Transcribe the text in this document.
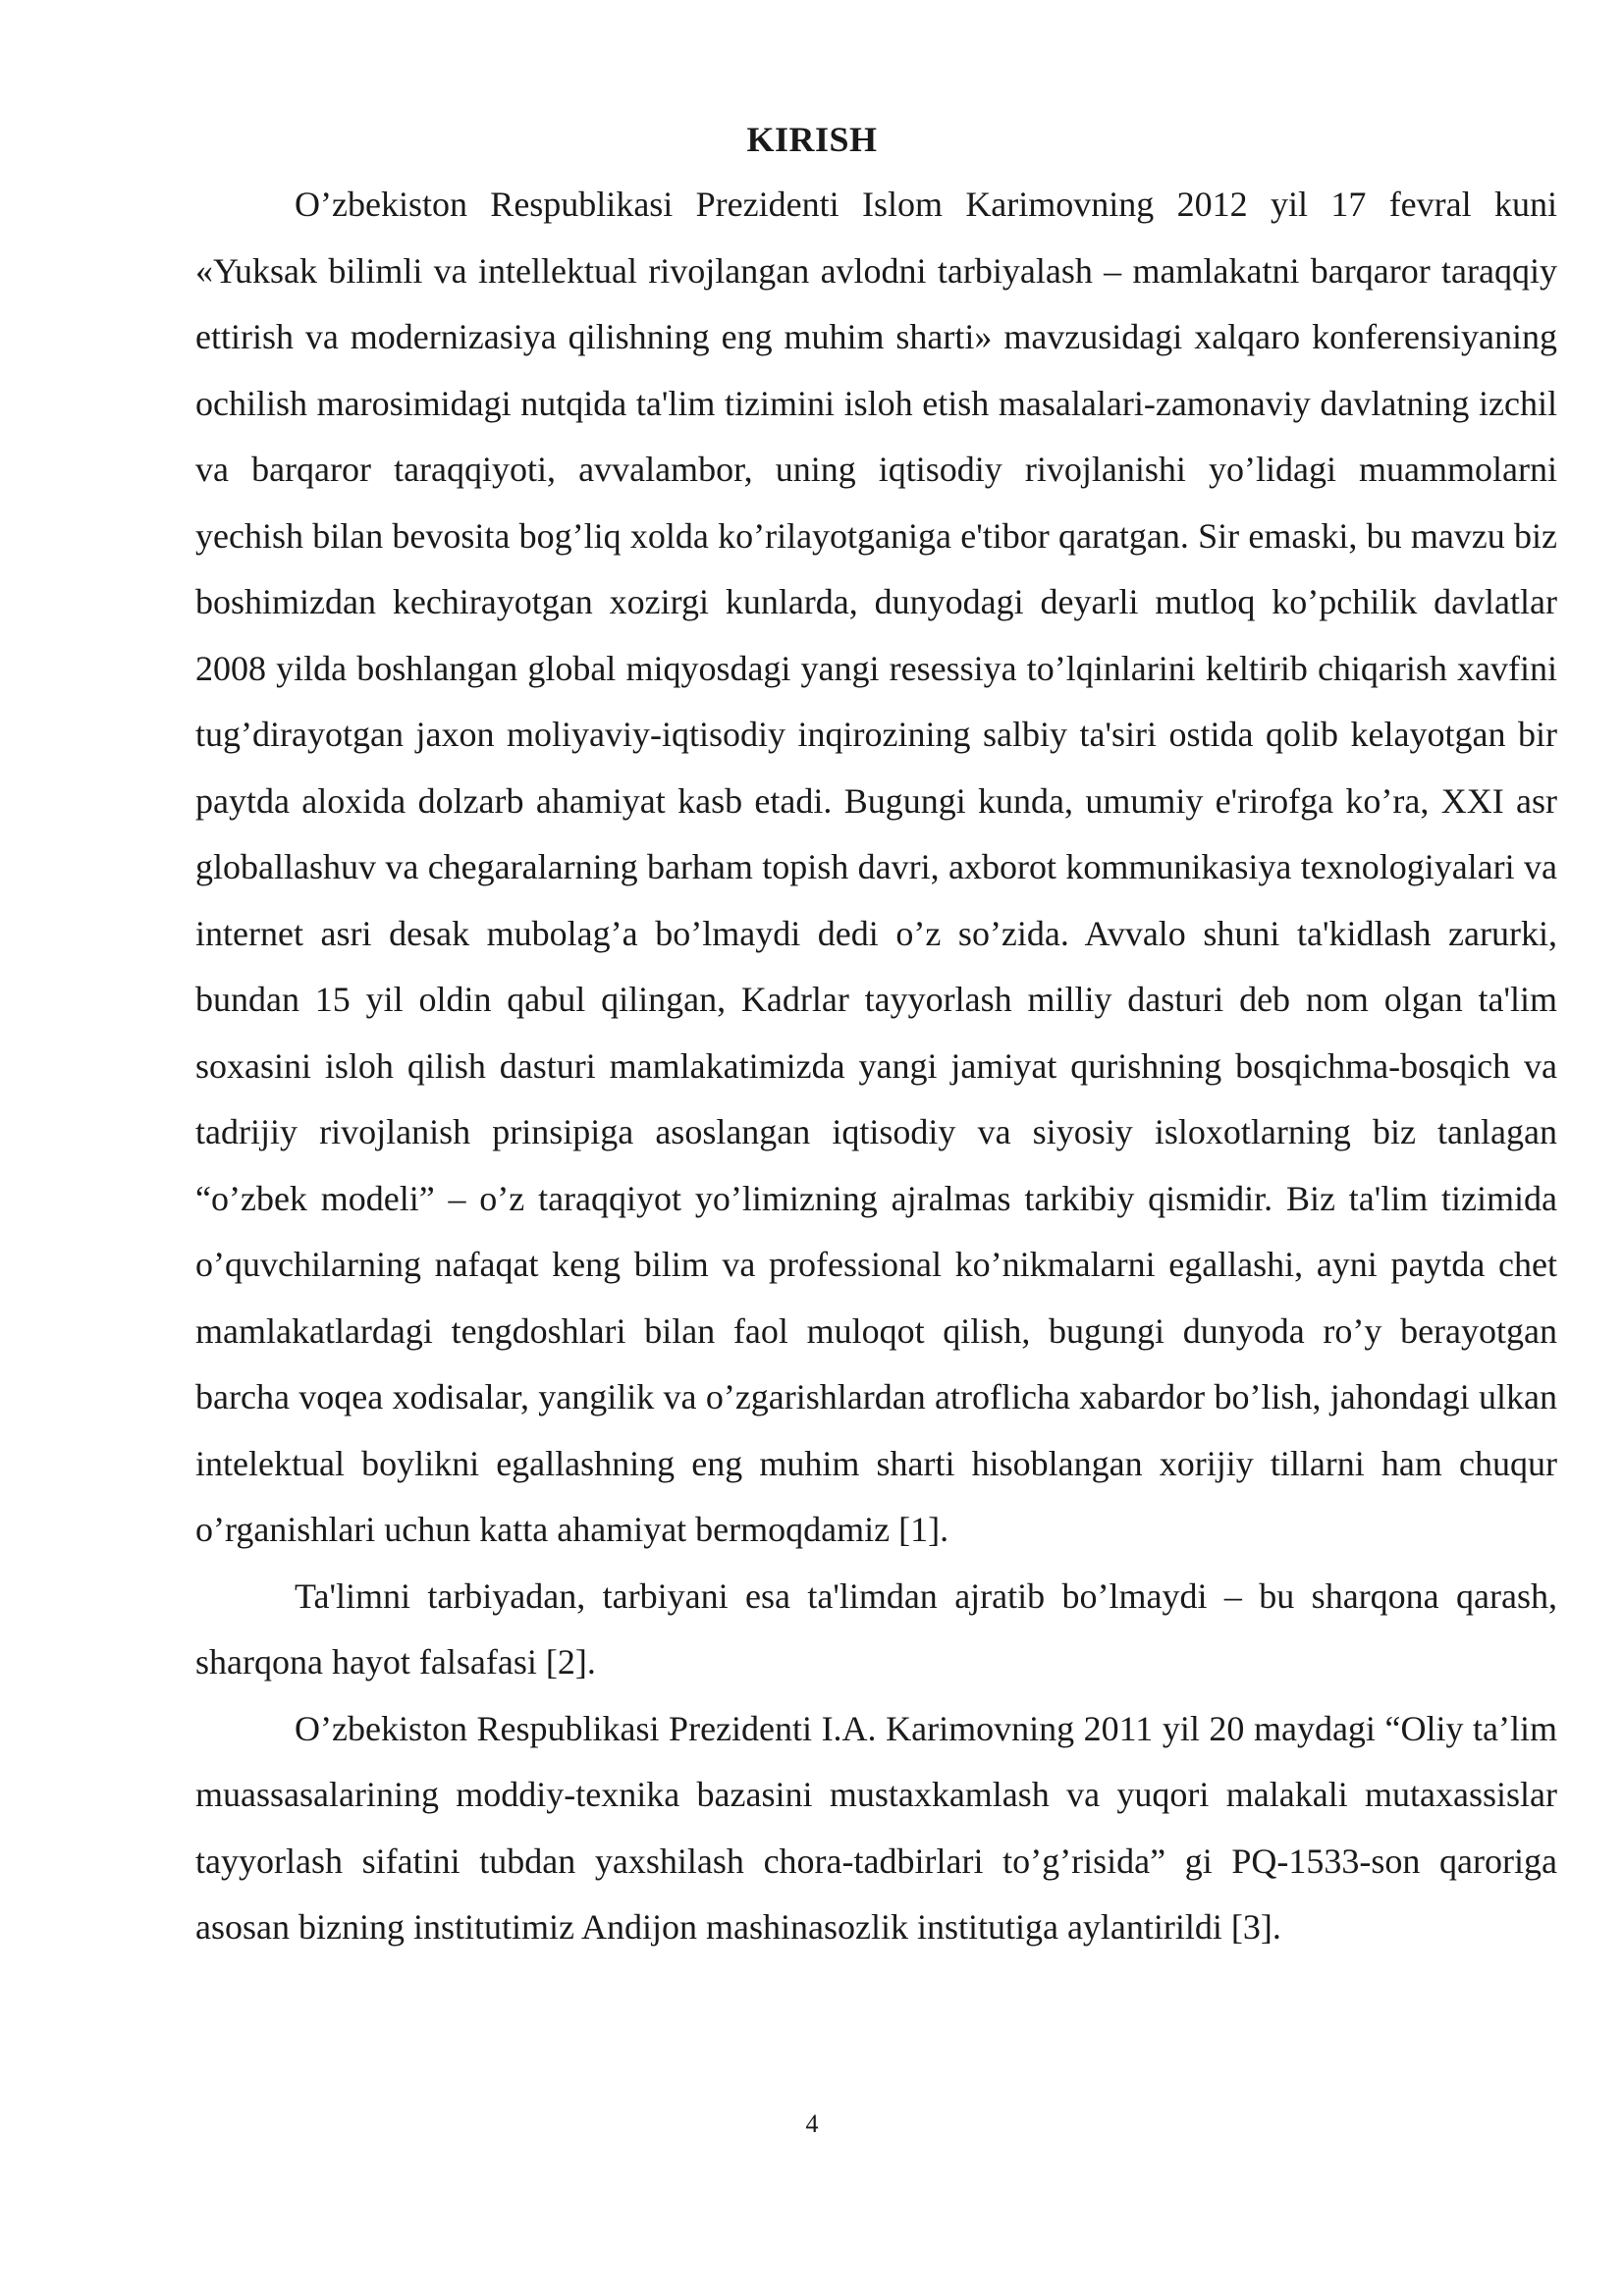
KIRISH

O’zbekiston Respublikasi Prezidenti Islom Karimovning 2012 yil 17 fevral kuni «Yuksak bilimli va intellektual rivojlangan avlodni tarbiyalash – mamlakatni barqaror taraqqiy ettirish va modernizasiya qilishning eng muhim sharti» mavzusidagi xalqaro konferensiyaning ochilish marosimidagi nutqida ta'lim tizimini isloh etish masalalari-zamonaviy davlatning izchil va barqaror taraqqiyoti, avvalambor, uning iqtisodiy rivojlanishi yo’lidagi muammolarni yechish bilan bevosita bog’liq xolda ko’rilayotganiga e'tibor qaratgan. Sir emaski, bu mavzu biz boshimizdan kechirayotgan xozirgi kunlarda, dunyodagi deyarli mutloq ko’pchilik davlatlar 2008 yilda boshlangan global miqyosdagi yangi resessiya to’lqinlarini keltirib chiqarish xavfini tug’dirayotgan jaxon moliyaviy-iqtisodiy inqirozining salbiy ta'siri ostida qolib kelayotgan bir paytda aloxida dolzarb ahamiyat kasb etadi. Bugungi kunda, umumiy e'rirofga ko’ra, XXI asr globallashuv va chegaralarning barham topish davri, axborot kommunikasiya texnologiyalari va internet asri desak mubolag’a bo’lmaydi dedi o’z so’zida. Avvalo shuni ta'kidlash zarurki, bundan 15 yil oldin qabul qilingan, Kadrlar tayyorlash milliy dasturi deb nom olgan ta'lim soxasini isloh qilish dasturi mamlakatimizda yangi jamiyat qurishning bosqichma-bosqich va tadrijiy rivojlanish prinsipiga asoslangan iqtisodiy va siyosiy isloxotlarning biz tanlagan “o’zbek modeli” – o’z taraqqiyot yo’limizning ajralmas tarkibiy qismidir. Biz ta'lim tizimida o’quvchilarning nafaqat keng bilim va professional ko’nikmalarni egallashi, ayni paytda chet mamlakatlardagi tengdoshlari bilan faol muloqot qilish, bugungi dunyoda ro’y berayotgan barcha voqea xodisalar, yangilik va o’zgarishlardan atroflicha xabardor bo’lish, jahondagi ulkan intelektual boylikni egallashning eng muhim sharti hisoblangan xorijiy tillarni ham chuqur o’rganishlari uchun katta ahamiyat bermoqdamiz [1].

Ta'limni tarbiyadan, tarbiyani esa ta'limdan ajratib bo’lmaydi – bu sharqona qarash, sharqona hayot falsafasi [2].

O’zbekiston Respublikasi Prezidenti I.A. Karimovning 2011 yil 20 maydagi “Oliy ta’lim muassasalarining moddiy-texnika bazasini mustaxkamlash va yuqori malakali mutaxassislar tayyorlash sifatini tubdan yaxshilash chora-tadbirlari to’g’risida” gi PQ-1533-son qaroriga asosan bizning institutimiz Andijon mashinasozlik institutiga aylantirildi [3].

4
